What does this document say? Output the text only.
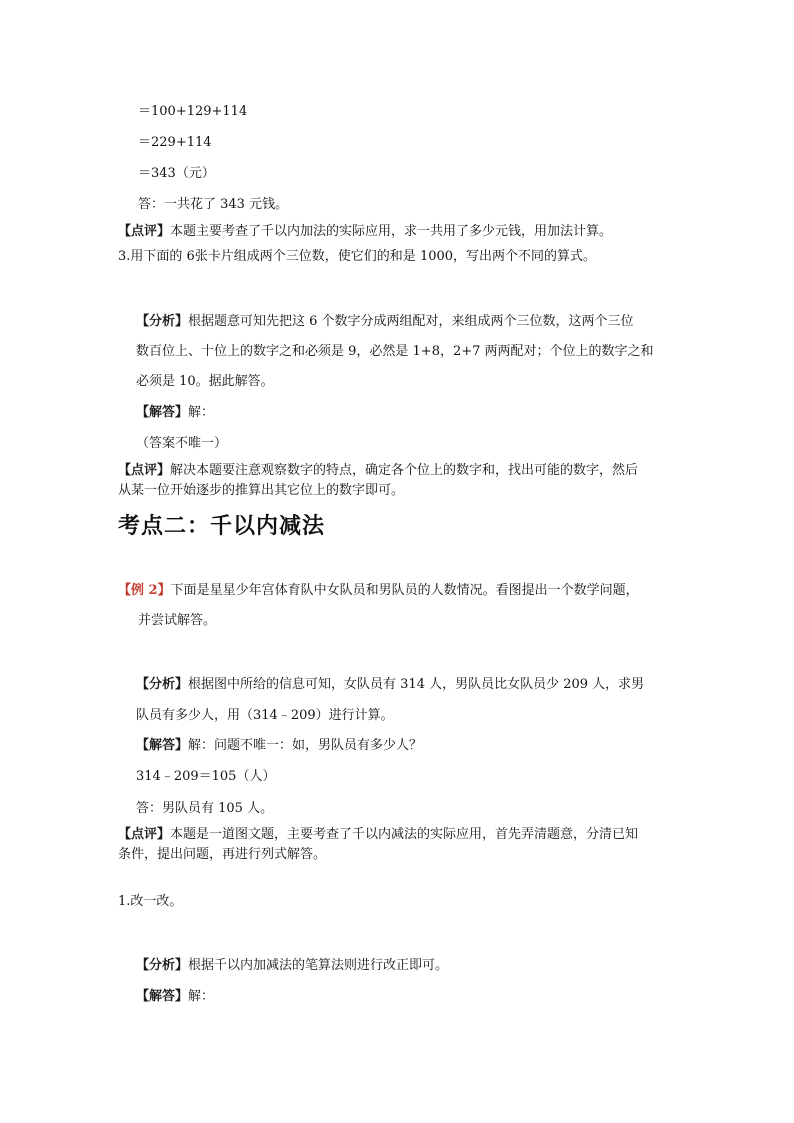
＝100+129+114
＝229+114
＝343（元）
答：一共花了 343 元钱。
【点评】本题主要考查了千以内加法的实际应用，求一共用了多少元钱，用加法计算。
3.用下面的 6张卡片组成两个三位数，使它们的和是 1000，写出两个不同的算式。
【分析】根据题意可知先把这 6 个数字分成两组配对，来组成两个三位数，这两个三位
数百位上、十位上的数字之和必须是 9，必然是 1+8，2+7 两两配对；个位上的数字之和
必须是 10。据此解答。
【解答】解：
（答案不唯一）
【点评】解决本题要注意观察数字的特点，确定各个位上的数字和，找出可能的数字，然后
从某一位开始逐步的推算出其它位上的数字即可。
考点二：千以内减法
【例 2】下面是星星少年宫体育队中女队员和男队员的人数情况。看图提出一个数学问题，
并尝试解答。
【分析】根据图中所给的信息可知，女队员有 314 人，男队员比女队员少 209 人，求男
队员有多少人，用（314﹣209）进行计算。
【解答】解：问题不唯一：如，男队员有多少人？
314﹣209＝105（人）
答：男队员有 105 人。
【点评】本题是一道图文题，主要考查了千以内减法的实际应用，首先弄清题意，分清已知
条件，提出问题，再进行列式解答。
1.改一改。
【分析】根据千以内加减法的笔算法则进行改正即可。
【解答】解：
